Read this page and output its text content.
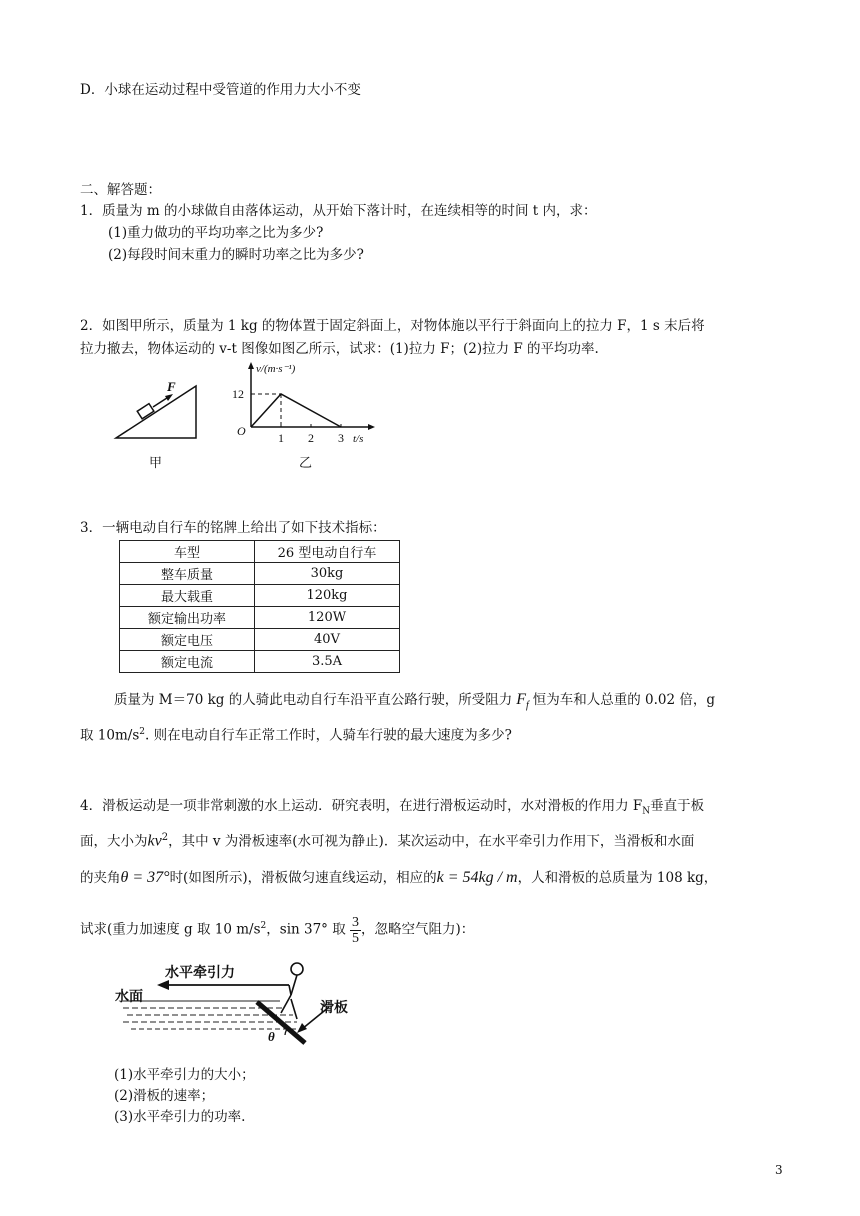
D．小球在运动过程中受管道的作用力大小不变
二、解答题：
1．质量为 m 的小球做自由落体运动，从开始下落计时，在连续相等的时间 t 内，求：
(1)重力做功的平均功率之比为多少?
(2)每段时间末重力的瞬时功率之比为多少?
2．如图甲所示，质量为 1 kg 的物体置于固定斜面上，对物体施以平行于斜面向上的拉力 F，1 s 末后将
拉力撤去，物体运动的 v-t 图像如图乙所示，试求：(1)拉力 F；(2)拉力 F 的平均功率.
F
甲
1 2 3
12
v/(m·s⁻¹)
t/s
O
乙
3．一辆电动自行车的铭牌上给出了如下技术指标：
车型	26 型电动自行车
整车质量	30kg
最大载重	120kg
额定输出功率	120W
额定电压	40V
额定电流	3.5A
质量为 M＝70 kg 的人骑此电动自行车沿平直公路行驶，所受阻力 $F_f$ 恒为车和人总重的 0.02 倍，g
取 $10m/s^2$. 则在电动自行车正常工作时，人骑车行驶的最大速度为多少?
4．滑板运动是一项非常刺激的水上运动．研究表明，在进行滑板运动时，水对滑板的作用力 $F_N$垂直于板
面，大小为$kv^2$，其中 v 为滑板速率(水可视为静止)．某次运动中，在水平牵引力作用下，当滑板和水面
的夹角θ = 37°时(如图所示)，滑板做匀速直线运动，相应的k = 54kg / m，人和滑板的总质量为 108 kg，
试求(重力加速度 g 取 10 $m/s^2$，sin 37° 取 $\frac{3}{5}$ ，忽略空气阻力)：
水平牵引力
水面
滑板
θ
(1)水平牵引力的大小；
(2)滑板的速率；
(3)水平牵引力的功率.
3
